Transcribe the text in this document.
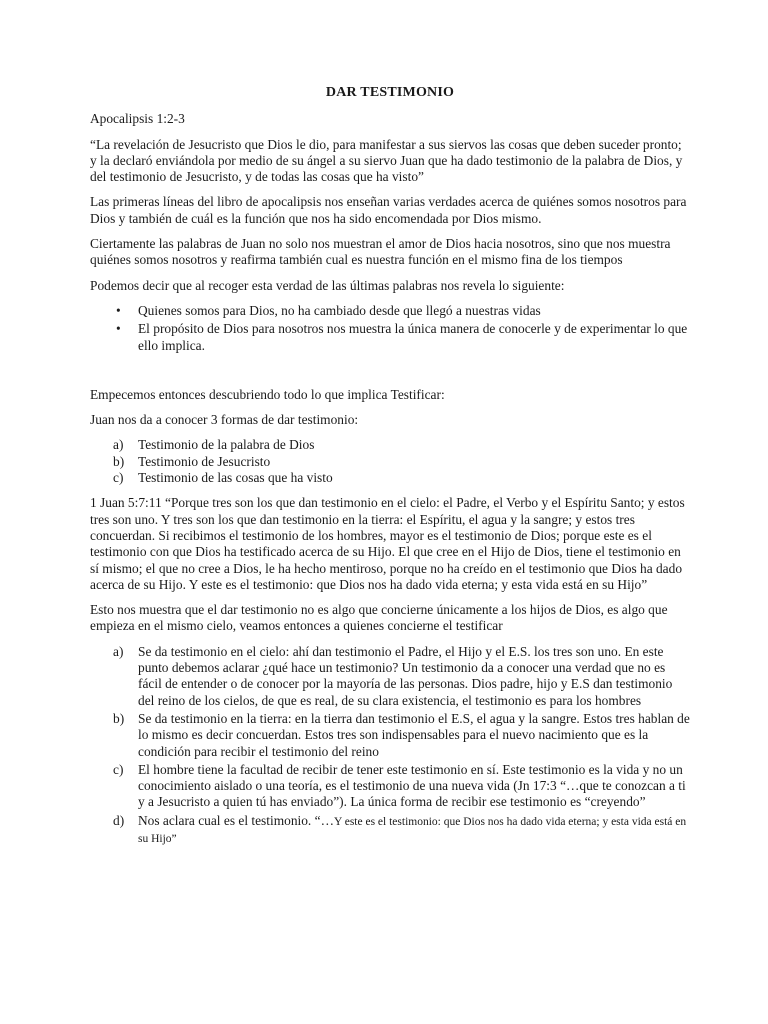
DAR TESTIMONIO

Apocalipsis 1:2-3

“La revelación de Jesucristo que Dios le dio, para manifestar a sus siervos las cosas que deben suceder pronto; y la declaró enviándola por medio de su ángel a su siervo Juan que ha dado testimonio de la palabra de Dios, y del testimonio de Jesucristo, y de todas las cosas que ha visto”

Las primeras líneas del libro de apocalipsis nos enseñan varias verdades acerca de quiénes somos nosotros para Dios y también de cuál es la función que nos ha sido encomendada por Dios mismo.

Ciertamente las palabras de Juan no solo nos muestran el amor de Dios hacia nosotros, sino que nos muestra quiénes somos nosotros y reafirma también cual es nuestra función en el mismo fina de los tiempos

Podemos decir que al recoger esta verdad de las últimas palabras nos revela lo siguiente:

• Quienes somos para Dios, no ha cambiado desde que llegó a nuestras vidas
• El propósito de Dios para nosotros nos muestra la única manera de conocerle y de experimentar lo que ello implica.

Empecemos entonces descubriendo todo lo que implica Testificar:

Juan nos da a conocer 3 formas de dar testimonio:

a) Testimonio de la palabra de Dios
b) Testimonio de Jesucristo
c) Testimonio de las cosas que ha visto

1 Juan 5:7:11 “Porque tres son los que dan testimonio en el cielo: el Padre, el Verbo y el Espíritu Santo; y estos tres son uno. Y tres son los que dan testimonio en la tierra: el Espíritu, el agua y la sangre; y estos tres concuerdan. Si recibimos el testimonio de los hombres, mayor es el testimonio de Dios; porque este es el testimonio con que Dios ha testificado acerca de su Hijo. El que cree en el Hijo de Dios, tiene el testimonio en sí mismo; el que no cree a Dios, le ha hecho mentiroso, porque no ha creído en el testimonio que Dios ha dado acerca de su Hijo. Y este es el testimonio: que Dios nos ha dado vida eterna; y esta vida está en su Hijo”

Esto nos muestra que el dar testimonio no es algo que concierne únicamente a los hijos de Dios, es algo que empieza en el mismo cielo, veamos entonces a quienes concierne el testificar

a) Se da testimonio en el cielo: ahí dan testimonio el Padre, el Hijo y el E.S. los tres son uno. En este punto debemos aclarar ¿qué hace un testimonio? Un testimonio da a conocer una verdad que no es fácil de entender o de conocer por la mayoría de las personas. Dios padre, hijo y E.S dan testimonio del reino de los cielos, de que es real, de su clara existencia, el testimonio es para los hombres
b) Se da testimonio en la tierra: en la tierra dan testimonio el E.S, el agua y la sangre. Estos tres hablan de lo mismo es decir concuerdan. Estos tres son indispensables para el nuevo nacimiento que es la condición para recibir el testimonio del reino
c) El hombre tiene la facultad de recibir de tener este testimonio en sí. Este testimonio es la vida y no un conocimiento aislado o una teoría, es el testimonio de una nueva vida (Jn 17:3 “…que te conozcan a ti y a Jesucristo a quien tú has enviado”). La única forma de recibir ese testimonio es “creyendo”
d) Nos aclara cual es el testimonio. “…Y este es el testimonio: que Dios nos ha dado vida eterna; y esta vida está en su Hijo”
